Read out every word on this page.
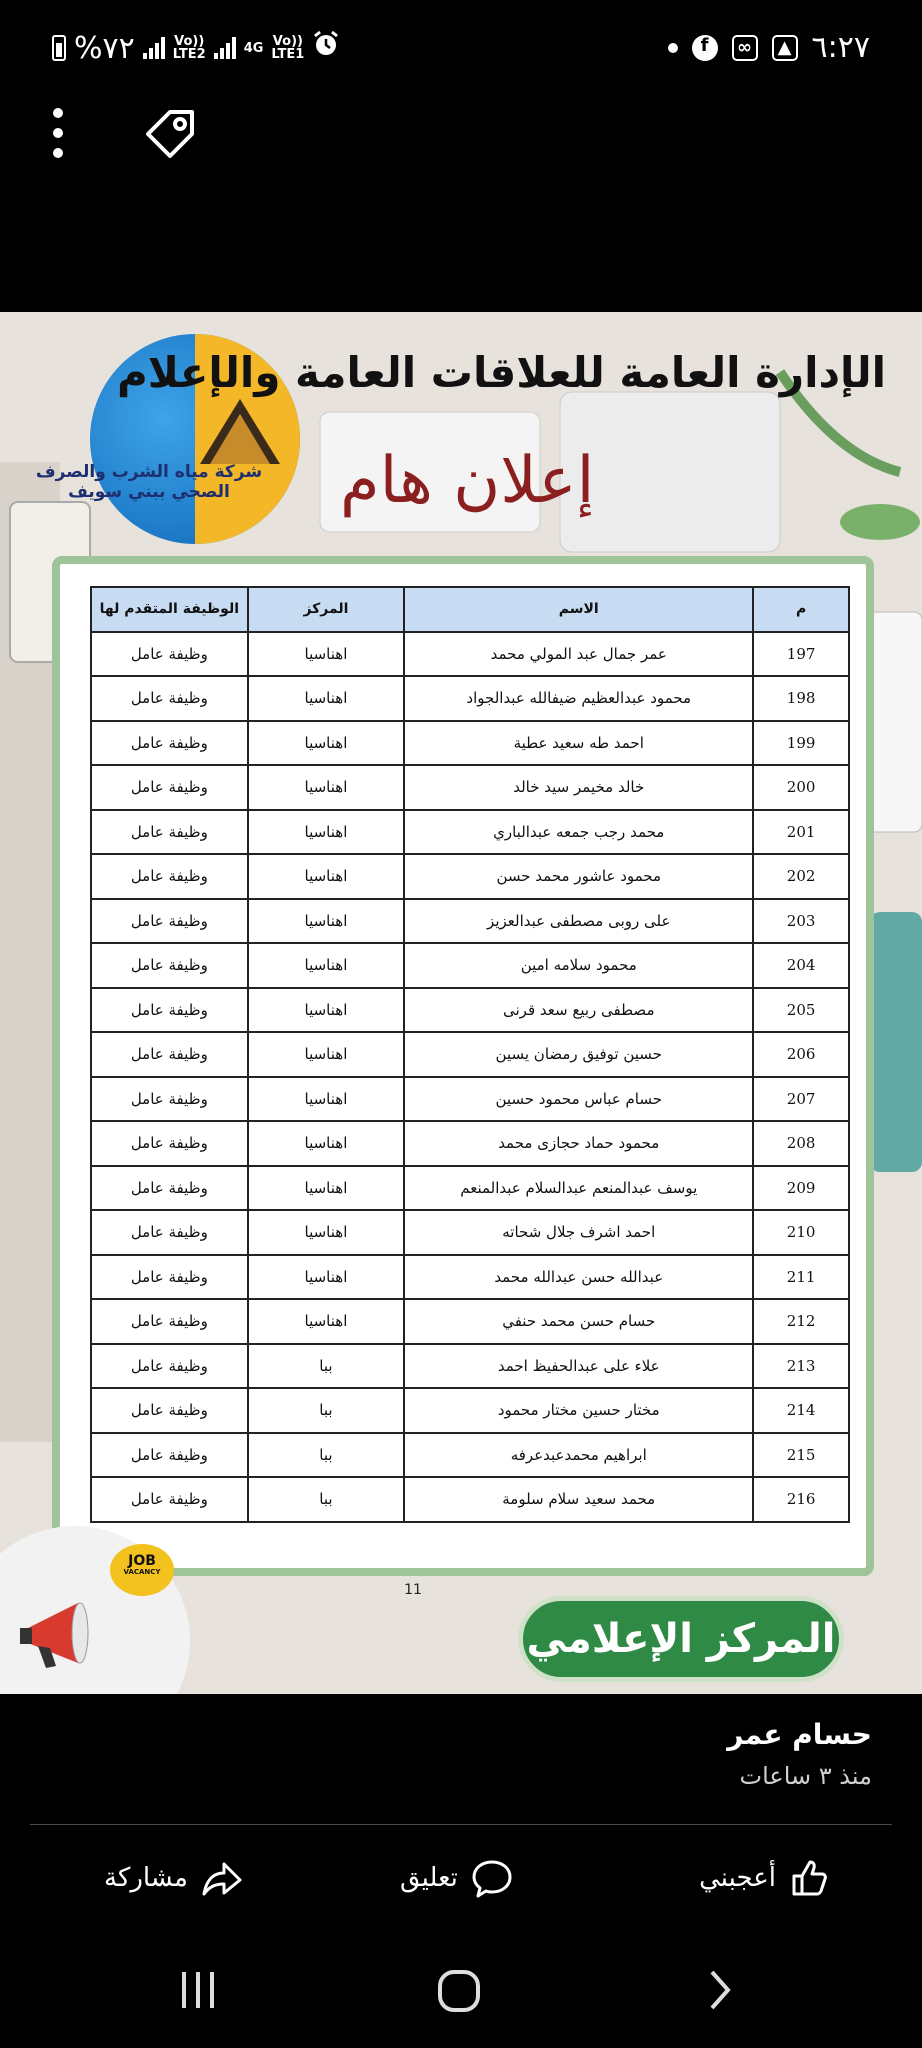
%٧٢	Vo))
LTE2	4G Vo))
LTE1	f	∞	▲ ٦:٢٧
شركة مياه الشرب والصرف الصحي ببني سويف
الإدارة العامة للعلاقات العامة والإعلام
إعلان هام
م	الاسم	المركز	الوظيفة المتقدم لها
197	عمر جمال عبد المولي محمد	اهناسيا	وظيفة عامل
198	محمود عبدالعظيم ضيفالله عبدالجواد	اهناسيا	وظيفة عامل
199	احمد طه سعيد عطية	اهناسيا	وظيفة عامل
200	خالد مخيمر سيد خالد	اهناسيا	وظيفة عامل
201	محمد رجب جمعه عبدالباري	اهناسيا	وظيفة عامل
202	محمود عاشور محمد حسن	اهناسيا	وظيفة عامل
203	على روبى مصطفى عبدالعزيز	اهناسيا	وظيفة عامل
204	محمود سلامه امين	اهناسيا	وظيفة عامل
205	مصطفى ربيع سعد قرنى	اهناسيا	وظيفة عامل
206	حسين توفيق رمضان يسين	اهناسيا	وظيفة عامل
207	حسام عباس محمود حسين	اهناسيا	وظيفة عامل
208	محمود حماد حجازى محمد	اهناسيا	وظيفة عامل
209	يوسف عبدالمنعم عبدالسلام عبدالمنعم	اهناسيا	وظيفة عامل
210	احمد اشرف جلال شحاته	اهناسيا	وظيفة عامل
211	عبدالله حسن عبدالله محمد	اهناسيا	وظيفة عامل
212	حسام حسن محمد حنفي	اهناسيا	وظيفة عامل
213	علاء على عبدالحفيظ احمد	ببا	وظيفة عامل
214	مختار حسين مختار محمود	ببا	وظيفة عامل
215	ابراهيم محمدعبدعرفه	ببا	وظيفة عامل
216	محمد سعيد سلام سلومة	ببا	وظيفة عامل
11
JOB
VACANCY
المركز الإعلامي
حسام عمر
منذ ٣ ساعات
أعجبني
تعليق
مشاركة
